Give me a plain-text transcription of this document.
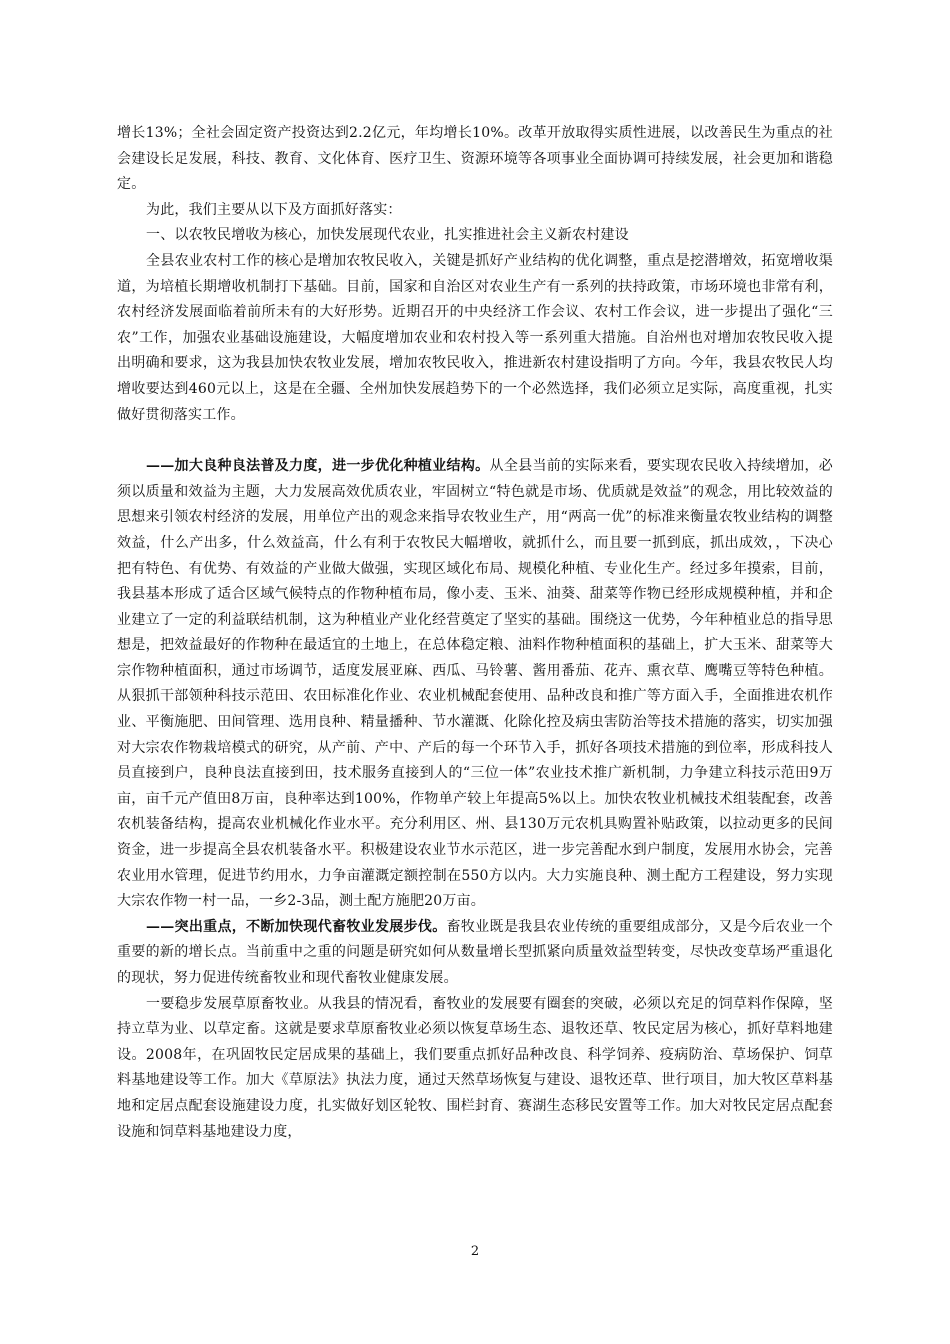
增长13%；全社会固定资产投资达到2.2亿元，年均增长10%。改革开放取得实质性进展，以改善民生为重点的社会建设长足发展，科技、教育、文化体育、医疗卫生、资源环境等各项事业全面协调可持续发展，社会更加和谐稳定。

为此，我们主要从以下及方面抓好落实：

一、以农牧民增收为核心，加快发展现代农业，扎实推进社会主义新农村建设

全县农业农村工作的核心是增加农牧民收入，关键是抓好产业结构的优化调整，重点是挖潜增效，拓宽增收渠道，为培植长期增收机制打下基础。目前，国家和自治区对农业生产有一系列的扶持政策，市场环境也非常有利，农村经济发展面临着前所未有的大好形势。近期召开的中央经济工作会议、农村工作会议，进一步提出了强化“三农”工作，加强农业基础设施建设，大幅度增加农业和农村投入等一系列重大措施。自治州也对增加农牧民收入提出明确和要求，这为我县加快农牧业发展，增加农牧民收入，推进新农村建设指明了方向。今年，我县农牧民人均增收要达到460元以上，这是在全疆、全州加快发展趋势下的一个必然选择，我们必须立足实际，高度重视，扎实做好贯彻落实工作。

——加大良种良法普及力度，进一步优化种植业结构。从全县当前的实际来看，要实现农民收入持续增加，必须以质量和效益为主题，大力发展高效优质农业，牢固树立“特色就是市场、优质就是效益”的观念，用比较效益的思想来引领农村经济的发展，用单位产出的观念来指导农牧业生产，用“两高一优”的标准来衡量农牧业结构的调整效益，什么产出多，什么效益高，什么有利于农牧民大幅增收，就抓什么，而且要一抓到底，抓出成效，，下决心把有特色、有优势、有效益的产业做大做强，实现区域化布局、规模化种植、专业化生产。经过多年摸索，目前，我县基本形成了适合区域气候特点的作物种植布局，像小麦、玉米、油葵、甜菜等作物已经形成规模种植，并和企业建立了一定的利益联结机制，这为种植业产业化经营奠定了坚实的基础。围绕这一优势，今年种植业总的指导思想是，把效益最好的作物种在最适宜的土地上，在总体稳定粮、油料作物种植面积的基础上，扩大玉米、甜菜等大宗作物种植面积，通过市场调节，适度发展亚麻、西瓜、马铃薯、酱用番茄、花卉、熏衣草、鹰嘴豆等特色种植。从狠抓干部领种科技示范田、农田标准化作业、农业机械配套使用、品种改良和推广等方面入手，全面推进农机作业、平衡施肥、田间管理、选用良种、精量播种、节水灌溉、化除化控及病虫害防治等技术措施的落实，切实加强对大宗农作物栽培模式的研究，从产前、产中、产后的每一个环节入手，抓好各项技术措施的到位率，形成科技人员直接到户，良种良法直接到田，技术服务直接到人的“三位一体”农业技术推广新机制，力争建立科技示范田9万亩，亩千元产值田8万亩，良种率达到100%，作物单产较上年提高5%以上。加快农牧业机械技术组装配套，改善农机装备结构，提高农业机械化作业水平。充分利用区、州、县130万元农机具购置补贴政策，以拉动更多的民间资金，进一步提高全县农机装备水平。积极建设农业节水示范区，进一步完善配水到户制度，发展用水协会，完善农业用水管理，促进节约用水，力争亩灌溉定额控制在550方以内。大力实施良种、测土配方工程建设，努力实现大宗农作物一村一品，一乡2-3品，测土配方施肥20万亩。

——突出重点，不断加快现代畜牧业发展步伐。畜牧业既是我县农业传统的重要组成部分，又是今后农业一个重要的新的增长点。当前重中之重的问题是研究如何从数量增长型抓紧向质量效益型转变，尽快改变草场严重退化的现状，努力促进传统畜牧业和现代畜牧业健康发展。

一要稳步发展草原畜牧业。从我县的情况看，畜牧业的发展要有圈套的突破，必须以充足的饲草料作保障，坚持立草为业、以草定畜。这就是要求草原畜牧业必须以恢复草场生态、退牧还草、牧民定居为核心，抓好草料地建设。2008年，在巩固牧民定居成果的基础上，我们要重点抓好品种改良、科学饲养、疫病防治、草场保护、饲草料基地建设等工作。加大《草原法》执法力度，通过天然草场恢复与建设、退牧还草、世行项目，加大牧区草料基地和定居点配套设施建设力度，扎实做好划区轮牧、围栏封育、赛湖生态移民安置等工作。加大对牧民定居点配套设施和饲草料基地建设力度，

2
